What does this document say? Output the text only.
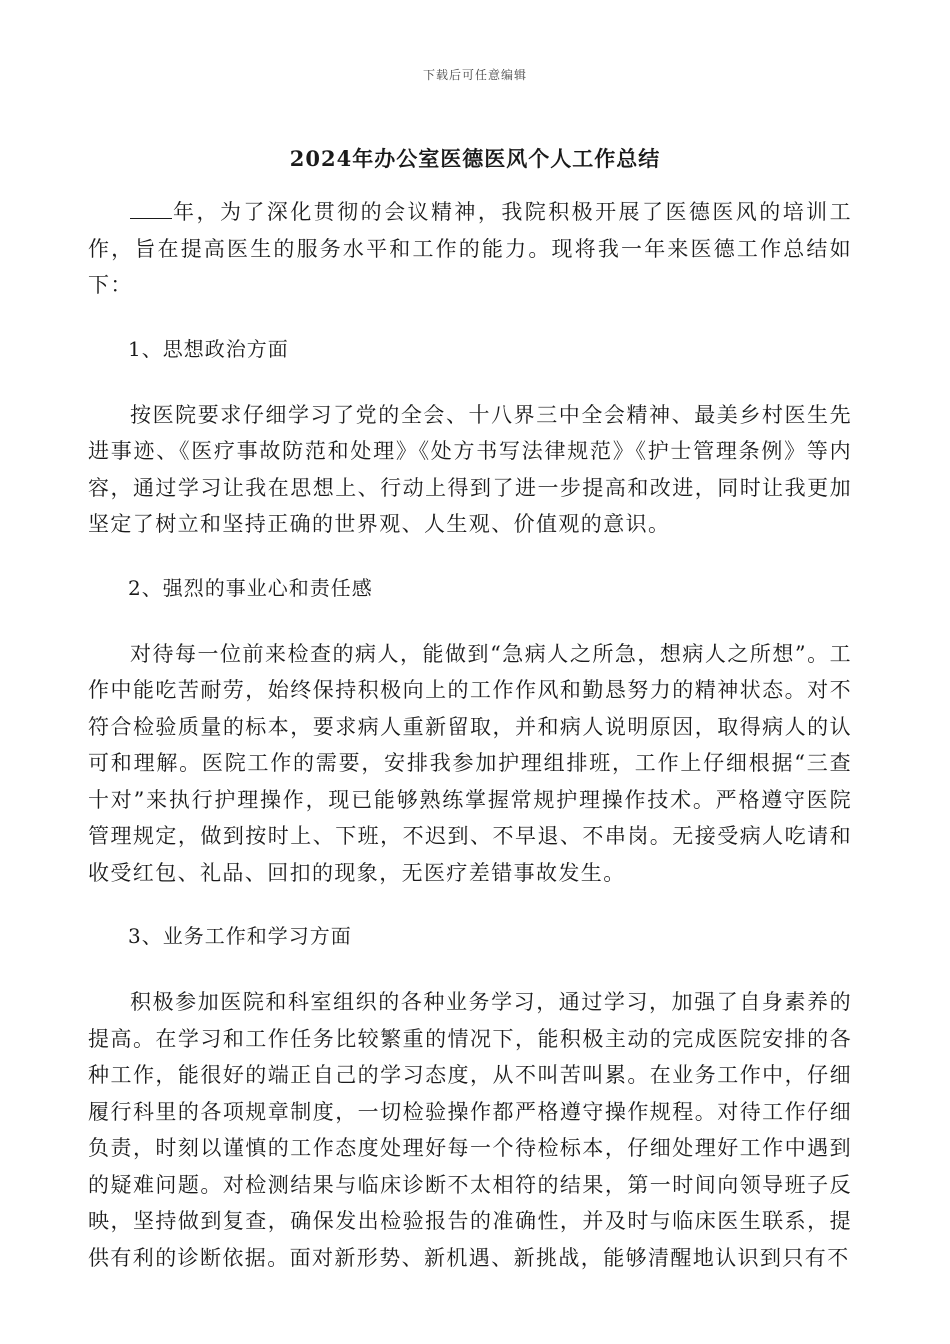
下载后可任意编辑
2024年办公室医德医风个人工作总结

年，为了深化贯彻的会议精神，我院积极开展了医德医风的培训工作，旨在提高医生的服务水平和工作的能力。现将我一年来医德工作总结如下：

1、思想政治方面

按医院要求仔细学习了党的全会、十八界三中全会精神、最美乡村医生先进事迹、《医疗事故防范和处理》《处方书写法律规范》《护士管理条例》等内容，通过学习让我在思想上、行动上得到了进一步提高和改进，同时让我更加坚定了树立和坚持正确的世界观、人生观、价值观的意识。

2、强烈的事业心和责任感

对待每一位前来检查的病人，能做到“急病人之所急，想病人之所想”。工作中能吃苦耐劳，始终保持积极向上的工作作风和勤恳努力的精神状态。对不符合检验质量的标本，要求病人重新留取，并和病人说明原因，取得病人的认可和理解。医院工作的需要，安排我参加护理组排班，工作上仔细根据“三查十对”来执行护理操作，现已能够熟练掌握常规护理操作技术。严格遵守医院管理规定，做到按时上、下班，不迟到、不早退、不串岗。无接受病人吃请和收受红包、礼品、回扣的现象，无医疗差错事故发生。

3、业务工作和学习方面

积极参加医院和科室组织的各种业务学习，通过学习，加强了自身素养的提高。在学习和工作任务比较繁重的情况下，能积极主动的完成医院安排的各种工作，能很好的端正自己的学习态度，从不叫苦叫累。在业务工作中，仔细履行科里的各项规章制度，一切检验操作都严格遵守操作规程。对待工作仔细负责，时刻以谨慎的工作态度处理好每一个待检标本，仔细处理好工作中遇到的疑难问题。对检测结果与临床诊断不太相符的结果，第一时间向领导班子反映，坚持做到复查，确保发出检验报告的准确性，并及时与临床医生联系，提供有利的诊断依据。面对新形势、新机遇、新挑战，能够清醒地认识到只有不
